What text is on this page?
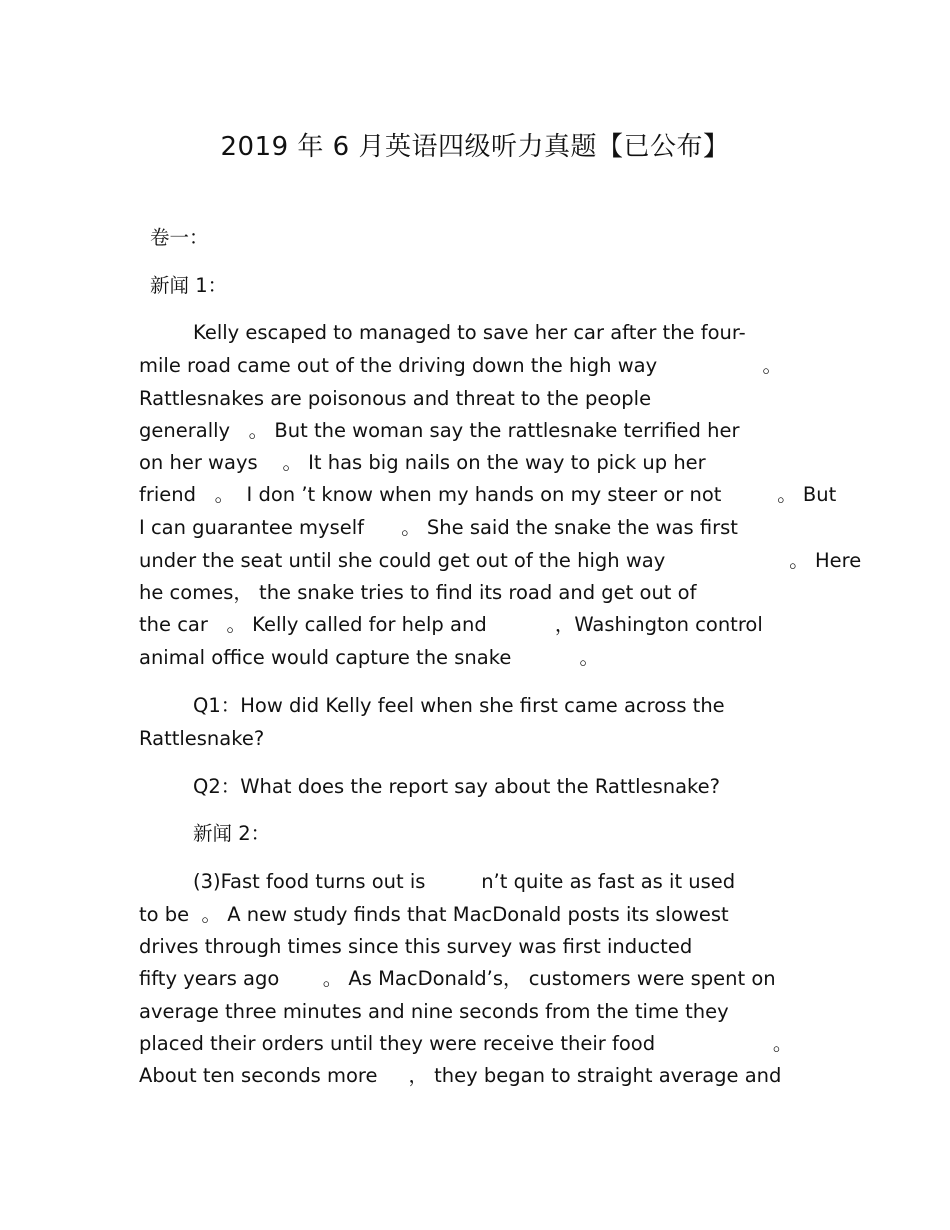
2019 年 6 月英语四级听力真题【已公布】
卷一：
新闻 1：
Kelly escaped to managed to save her car after the four-
mile road came out of the driving down the high way                 。
Rattlesnakes are poisonous and threat to the people
generally   。 But the woman say the rattlesnake terrified her
on her ways    。 It has big nails on the way to pick up her
friend   。  I don ’t know when my hands on my steer or not         。 But
I can guarantee myself      。 She said the snake the was first
under the seat until she could get out of the high way                    。 Here
he comes， the snake tries to find its road and get out of
the car   。 Kelly called for help and           ，Washington control
animal office would capture the snake           。
Q1：How did Kelly feel when she first came across the
Rattlesnake?
Q2：What does the report say about the Rattlesnake?
新闻 2：
(3)Fast food turns out is         n’t quite as fast as it used
to be  。 A new study finds that MacDonald posts its slowest
drives through times since this survey was first inducted
fifty years ago       。 As MacDonald’s， customers were spent on
average three minutes and nine seconds from the time they
placed their orders until they were receive their food                   。
About ten seconds more     ， they began to straight average and
